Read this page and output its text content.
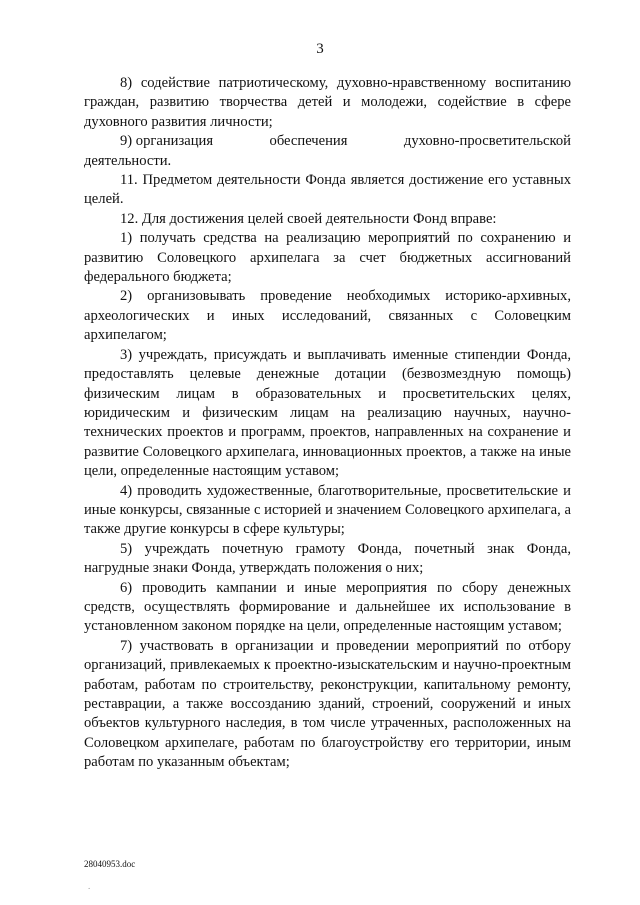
3

8) содействие патриотическому, духовно-нравственному воспитанию граждан, развитию творчества детей и молодежи, содействие в сфере духовного развития личности;

9) организация	обеспечения	духовно-просветительской
деятельности.

11. Предметом деятельности Фонда является достижение его уставных целей.

12. Для достижения целей своей деятельности Фонд вправе:

1) получать средства на реализацию мероприятий по сохранению и развитию Соловецкого архипелага за счет бюджетных ассигнований федерального бюджета;

2) организовывать проведение необходимых историко-архивных, археологических и иных исследований, связанных с Соловецким архипелагом;

3) учреждать, присуждать и выплачивать именные стипендии Фонда, предоставлять целевые денежные дотации (безвозмездную помощь) физическим лицам в образовательных и просветительских целях, юридическим и физическим лицам на реализацию научных, научно-технических проектов и программ, проектов, направленных на сохранение и развитие Соловецкого архипелага, инновационных проектов, а также на иные цели, определенные настоящим уставом;

4) проводить художественные, благотворительные, просветительские и иные конкурсы, связанные с историей и значением Соловецкого архипелага, а также другие конкурсы в сфере культуры;

5) учреждать почетную грамоту Фонда, почетный знак Фонда, нагрудные знаки Фонда, утверждать положения о них;

6) проводить кампании и иные мероприятия по сбору денежных средств, осуществлять формирование и дальнейшее их использование в установленном законом порядке на цели, определенные настоящим уставом;

7) участвовать в организации и проведении мероприятий по отбору организаций, привлекаемых к проектно-изыскательским и научно-проектным работам, работам по строительству, реконструкции, капитальному ремонту, реставрации, а также воссозданию зданий, строений, сооружений и иных объектов культурного наследия, в том числе утраченных, расположенных на Соловецком архипелаге, работам по благоустройству его территории, иным работам по указанным объектам;

28040953.doc
.
